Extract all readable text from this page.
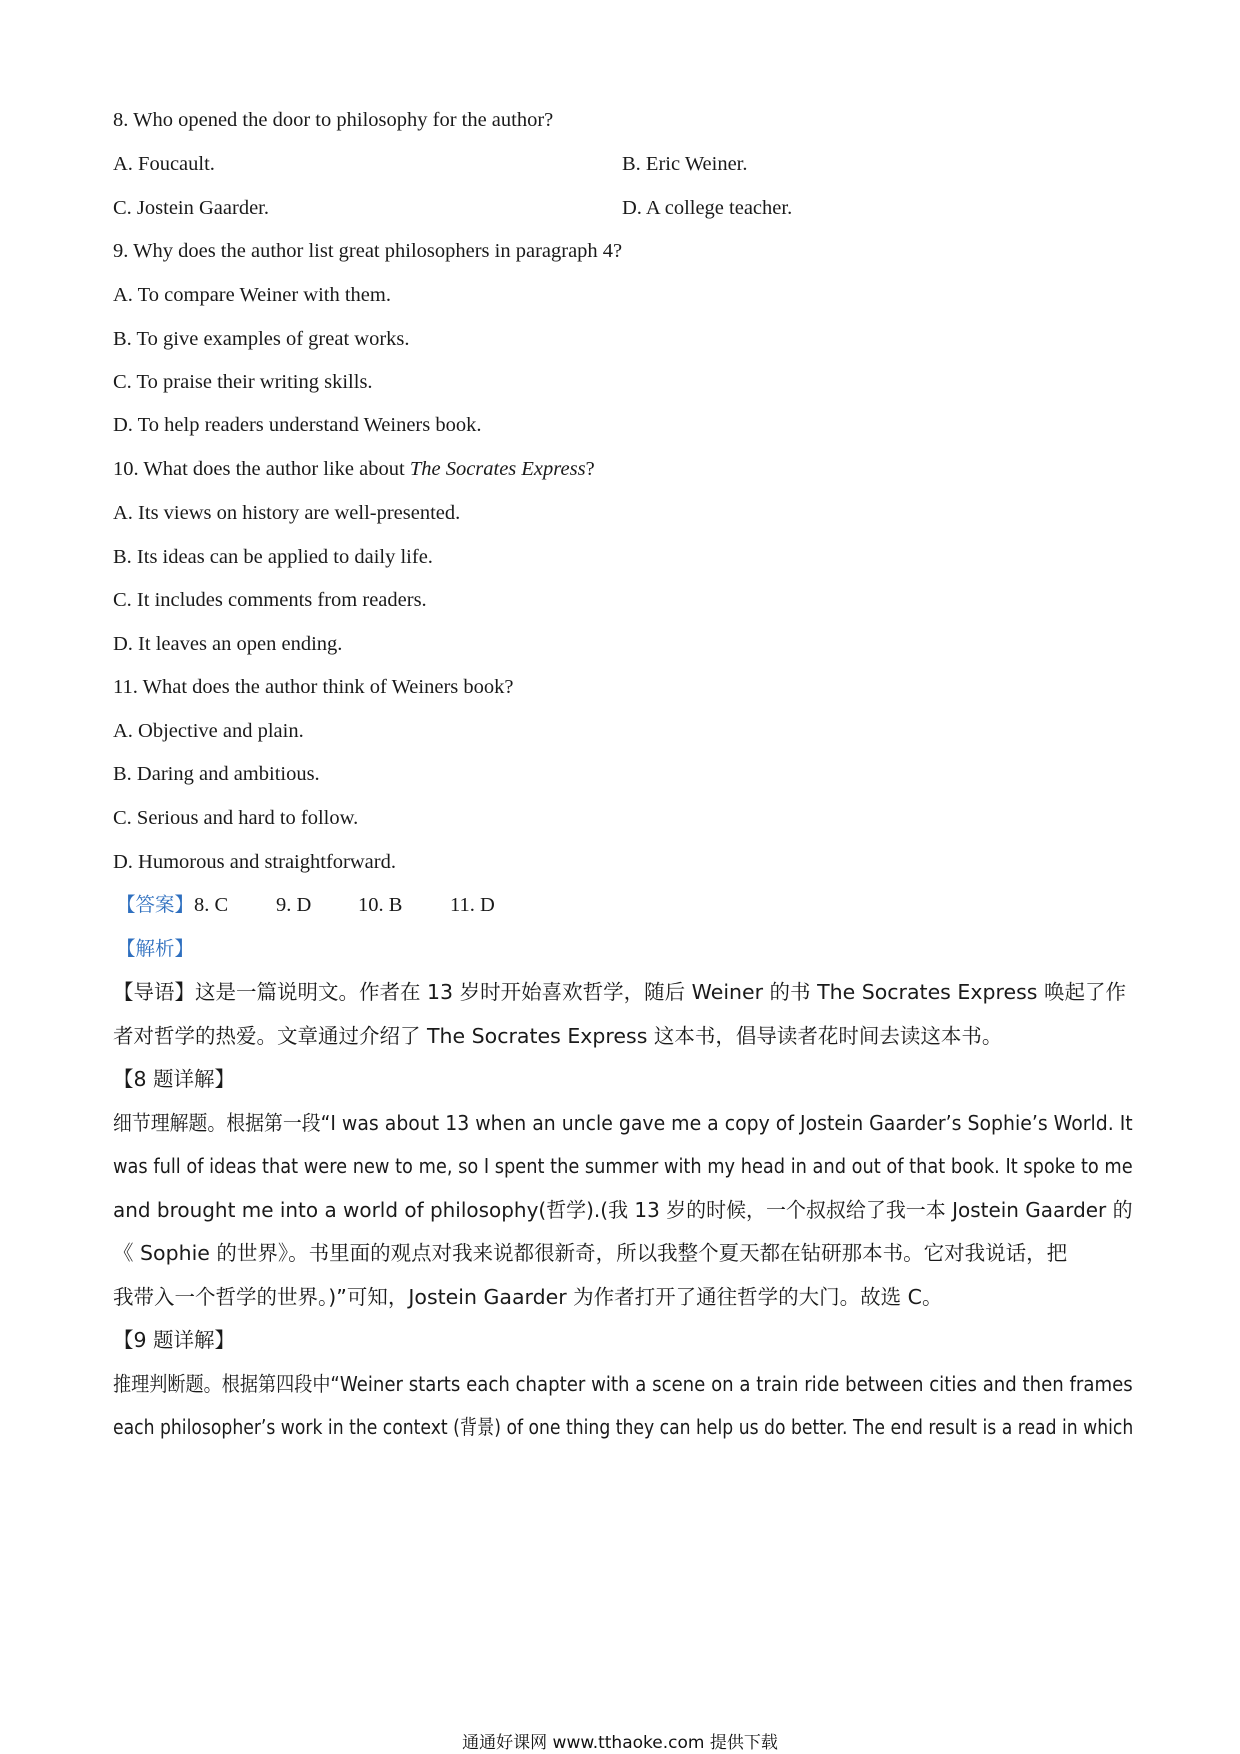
8. Who opened the door to philosophy for the author?
A. Foucault.	B. Eric Weiner.
C. Jostein Gaarder.	D. A college teacher.
9. Why does the author list great philosophers in paragraph 4?
A. To compare Weiner with them.
B. To give examples of great works.
C. To praise their writing skills.
D. To help readers understand Weiners book.
10. What does the author like about The Socrates Express?
A. Its views on history are well-presented.
B. Its ideas can be applied to daily life.
C. It includes comments from readers.
D. It leaves an open ending.
11. What does the author think of Weiners book?
A. Objective and plain.
B. Daring and ambitious.
C. Serious and hard to follow.
D. Humorous and straightforward.
【答案】8. C 9. D 10. B 11. D
【解析】
【导语】这是一篇说明文。作者在 13 岁时开始喜欢哲学，随后 Weiner 的书 The Socrates Express 唤起了作
者对哲学的热爱。文章通过介绍了 The Socrates Express 这本书，倡导读者花时间去读这本书。
【8 题详解】
细节理解题。根据第一段“I was about 13 when an uncle gave me a copy of Jostein Gaarder’s Sophie’s World. It
was full of ideas that were new to me, so I spent the summer with my head in and out of that book. It spoke to me
and brought me into a world of philosophy(哲学).(我 13 岁的时候，一个叔叔给了我一本 Jostein Gaarder 的
《 Sophie 的世界》。书里面的观点对我来说都很新奇，所以我整个夏天都在钻研那本书。它对我说话，把
我带入一个哲学的世界。)”可知，Jostein Gaarder 为作者打开了通往哲学的大门。故选 C。
【9 题详解】
推理判断题。根据第四段中“Weiner starts each chapter with a scene on a train ride between cities and then frames
each philosopher’s work in the context (背景) of one thing they can help us do better. The end result is a read in which
通通好课网 www.tthaoke.com 提供下载
